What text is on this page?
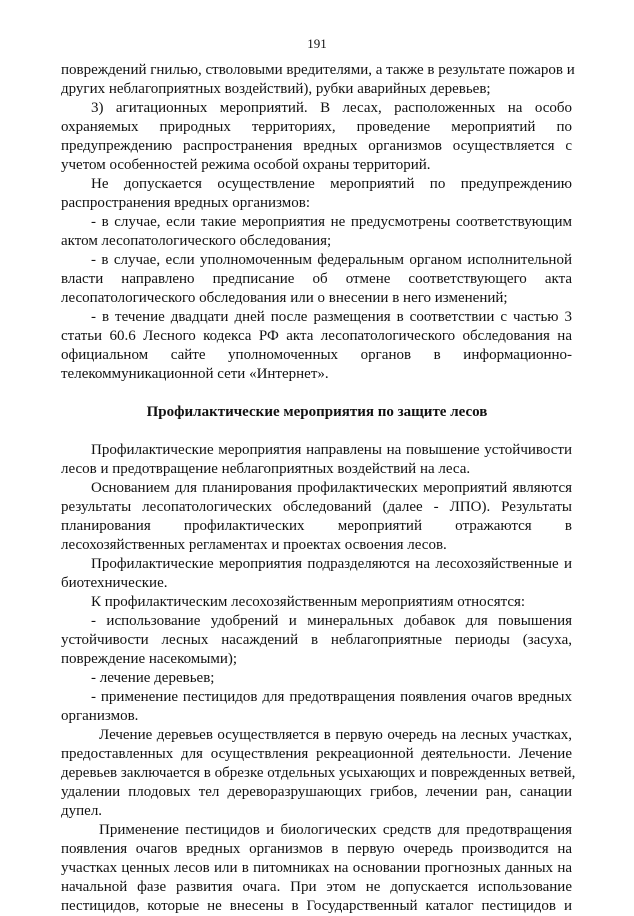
191
повреждений гнилью, стволовыми вредителями, а также в результате пожаров и
других неблагоприятных воздействий), рубки аварийных деревьев;
3) агитационных мероприятий. В лесах, расположенных на особо
охраняемых природных территориях, проведение мероприятий по
предупреждению распространения вредных организмов осуществляется с
учетом особенностей режима особой охраны территорий.
Не допускается осуществление мероприятий по предупреждению
распространения вредных организмов:
- в случае, если такие мероприятия не предусмотрены соответствующим
актом лесопатологического обследования;
- в случае, если уполномоченным федеральным органом исполнительной
власти направлено предписание об отмене соответствующего акта
лесопатологического обследования или о внесении в него изменений;
- в течение двадцати дней после размещения в соответствии с частью 3
статьи 60.6 Лесного кодекса РФ акта лесопатологического обследования на
официальном сайте уполномоченных органов в информационно-
телекоммуникационной сети «Интернет».
Профилактические мероприятия по защите лесов
Профилактические мероприятия направлены на повышение устойчивости
лесов и предотвращение неблагоприятных воздействий на леса.
Основанием для планирования профилактических мероприятий являются
результаты лесопатологических обследований (далее - ЛПО). Результаты
планирования профилактических мероприятий отражаются в
лесохозяйственных регламентах и проектах освоения лесов.
Профилактические мероприятия подразделяются на лесохозяйственные и
биотехнические.
К профилактическим лесохозяйственным мероприятиям относятся:
- использование удобрений и минеральных добавок для повышения
устойчивости лесных насаждений в неблагоприятные периоды (засуха,
повреждение насекомыми);
- лечение деревьев;
- применение пестицидов для предотвращения появления очагов вредных
организмов.
Лечение деревьев осуществляется в первую очередь на лесных участках,
предоставленных для осуществления рекреационной деятельности. Лечение
деревьев заключается в обрезке отдельных усыхающих и поврежденных ветвей,
удалении плодовых тел дереворазрушающих грибов, лечении ран, санации
дупел.
Применение пестицидов и биологических средств для предотвращения
появления очагов вредных организмов в первую очередь производится на
участках ценных лесов или в питомниках на основании прогнозных данных на
начальной фазе развития очага. При этом не допускается использование
пестицидов, которые не внесены в Государственный каталог пестицидов и
